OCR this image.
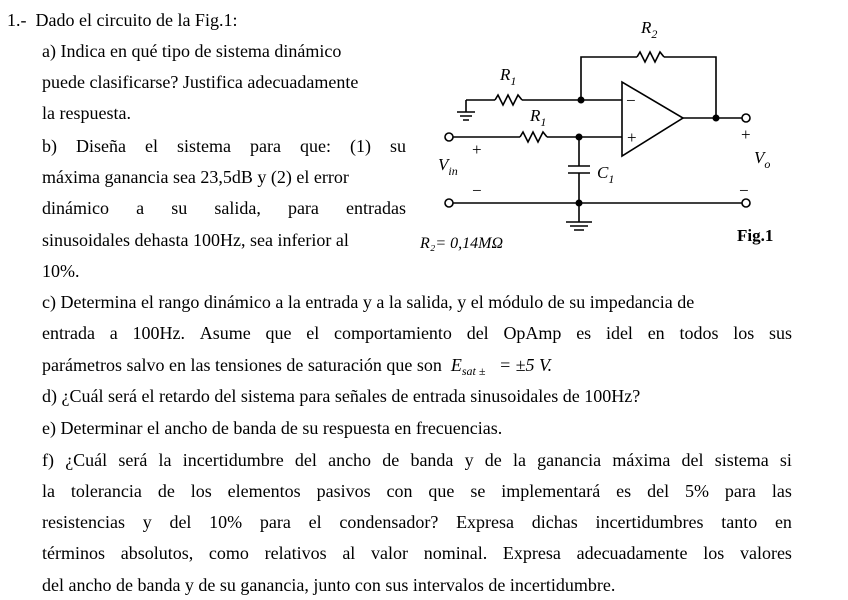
1.- Dado el circuito de la Fig.1:
a) Indica en qué tipo de sistema dinámico
puede clasificarse? Justifica adecuadamente
la respuesta.
b) Diseña el sistema para que: (1) su
máxima ganancia sea 23,5dB y (2) el error
dinámico a su salida, para entradas
sinusoidales dehasta 100Hz, sea inferior al
10%.
c) Determina el rango dinámico a la entrada y a la salida, y el módulo de su impedancia de
entrada a 100Hz. Asume que el comportamiento del OpAmp es idel en todos los sus
parámetros salvo en las tensiones de saturación que son $E_{sat \pm} = \pm 5$ V.
d) ¿Cuál será el retardo del sistema para señales de entrada sinusoidales de 100Hz?
e) Determinar el ancho de banda de su respuesta en frecuencias.
f) ¿Cuál será la incertidumbre del ancho de banda y de la ganancia máxima del sistema si
la tolerancia de los elementos pasivos con que se implementará es del 5% para las
resistencias y del 10% para el condensador? Expresa dichas incertidumbres tanto en
términos absolutos, como relativos al valor nominal. Expresa adecuadamente los valores
del ancho de banda y de su ganancia, junto con sus intervalos de incertidumbre.
$R_2$
$R_1$
$R_1$
$C_1$
$V_{in}$
$V_o$
R₂= 0,14MΩ
+
−
+
−
−
+
Fig.1
